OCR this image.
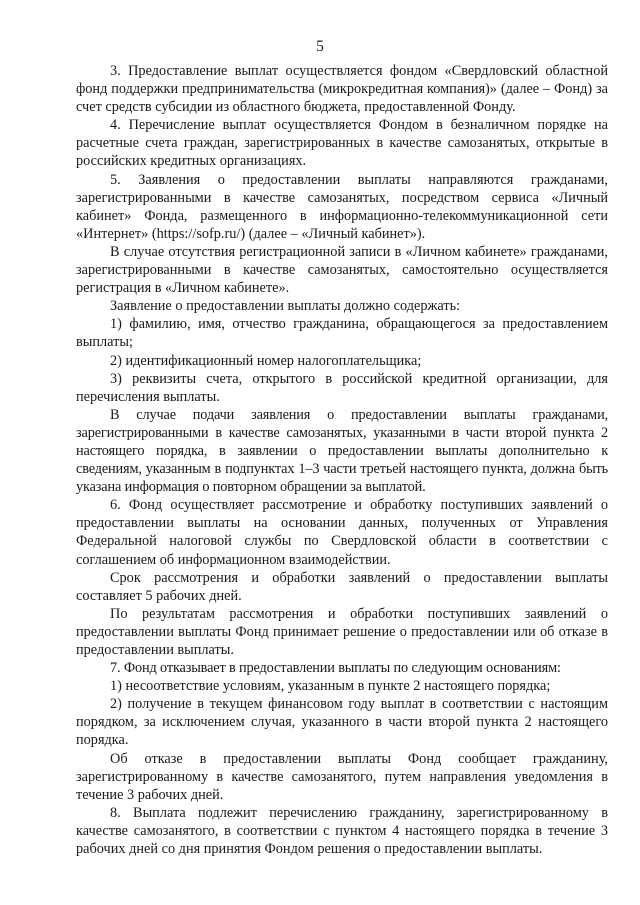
5

3. Предоставление выплат осуществляется фондом «Свердловский областной фонд поддержки предпринимательства (микрокредитная компания)» (далее – Фонд) за счет средств субсидии из областного бюджета, предоставленной Фонду.

4. Перечисление выплат осуществляется Фондом в безналичном порядке на расчетные счета граждан, зарегистрированных в качестве самозанятых, открытые в российских кредитных организациях.

5. Заявления о предоставлении выплаты направляются гражданами, зарегистрированными в качестве самозанятых, посредством сервиса «Личный кабинет» Фонда, размещенного в информационно-телекоммуникационной сети «Интернет» (https://sofp.ru/) (далее – «Личный кабинет»).

В случае отсутствия регистрационной записи в «Личном кабинете» гражданами, зарегистрированными в качестве самозанятых, самостоятельно осуществляется регистрация в «Личном кабинете».

Заявление о предоставлении выплаты должно содержать:

1) фамилию, имя, отчество гражданина, обращающегося за предоставлением выплаты;

2) идентификационный номер налогоплательщика;

3) реквизиты счета, открытого в российской кредитной организации, для перечисления выплаты.

В случае подачи заявления о предоставлении выплаты гражданами, зарегистрированными в качестве самозанятых, указанными в части второй пункта 2 настоящего порядка, в заявлении о предоставлении выплаты дополнительно к сведениям, указанным в подпунктах 1–3 части третьей настоящего пункта, должна быть указана информация о повторном обращении за выплатой.

6. Фонд осуществляет рассмотрение и обработку поступивших заявлений о предоставлении выплаты на основании данных, полученных от Управления Федеральной налоговой службы по Свердловской области в соответствии с соглашением об информационном взаимодействии.

Срок рассмотрения и обработки заявлений о предоставлении выплаты составляет 5 рабочих дней.

По результатам рассмотрения и обработки поступивших заявлений о предоставлении выплаты Фонд принимает решение о предоставлении или об отказе в предоставлении выплаты.

7. Фонд отказывает в предоставлении выплаты по следующим основаниям:

1) несоответствие условиям, указанным в пункте 2 настоящего порядка;

2) получение в текущем финансовом году выплат в соответствии с настоящим порядком, за исключением случая, указанного в части второй пункта 2 настоящего порядка.

Об отказе в предоставлении выплаты Фонд сообщает гражданину, зарегистрированному в качестве самозанятого, путем направления уведомления в течение 3 рабочих дней.

8. Выплата подлежит перечислению гражданину, зарегистрированному в качестве самозанятого, в соответствии с пунктом 4 настоящего порядка в течение 3 рабочих дней со дня принятия Фондом решения о предоставлении выплаты.
